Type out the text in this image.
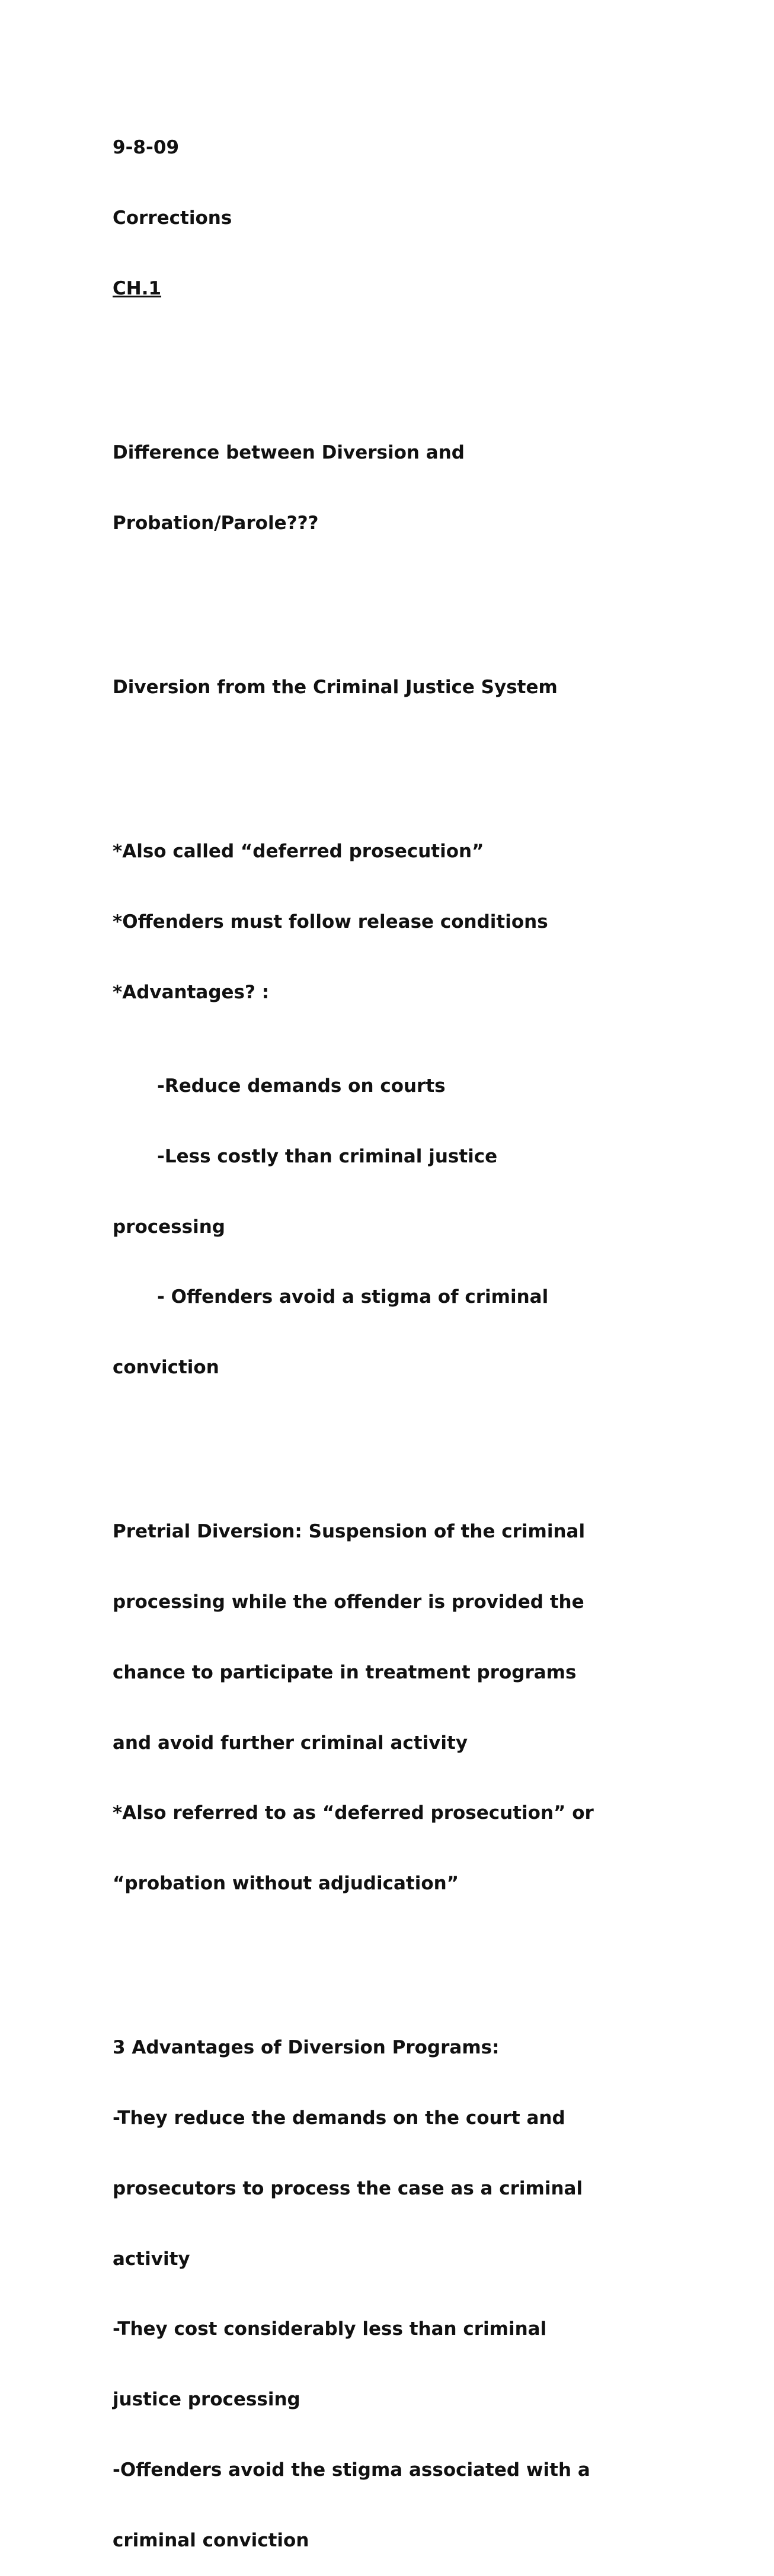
9-8-09

Corrections

CH.1

Difference between Diversion and

Probation/Parole???

Diversion from the Criminal Justice System

*Also called “deferred prosecution”

*Offenders must follow release conditions

*Advantages? :

-Reduce demands on courts

-Less costly than criminal justice

processing

- Offenders avoid a stigma of criminal

conviction

Pretrial Diversion: Suspension of the criminal

processing while the offender is provided the

chance to participate in treatment programs

and avoid further criminal activity

*Also referred to as “deferred prosecution” or

“probation without adjudication”

3 Advantages of Diversion Programs:

-They reduce the demands on the court and

prosecutors to process the case as a criminal

activity

-They cost considerably less than criminal

justice processing

-Offenders avoid the stigma associated with a

criminal conviction
